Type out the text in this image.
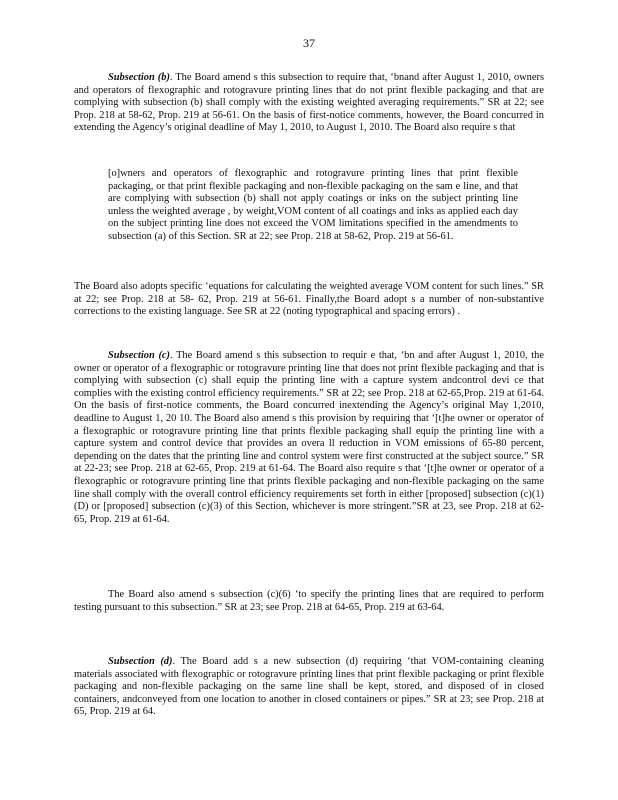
37

Subsection (b). The Board amend s this subsection to require that, ‘bnand after August 1, 2010, owners and operators of flexographic and rotogravure printing lines that do not print flexible packaging and that are complying with subsection (b) shall comply with the existing weighted averaging requirements.” SR at 22; see Prop. 218 at 58-62, Prop. 219 at 56-61. On the basis of first-notice comments, however, the Board concurred in extending the Agency’s original deadline of May 1, 2010, to August 1, 2010. The Board also require s that

[o]wners and operators of flexographic and rotogravure printing lines that print flexible packaging, or that print flexible packaging and non-flexible packaging on the sam e line, and that are complying with subsection (b) shall not apply coatings or inks on the subject printing line unless the weighted average , by weight,VOM content of all coatings and inks as applied each day on the subject printing line does not exceed the VOM limitations specified in the amendments to subsection (a) of this Section. SR at 22; see Prop. 218 at 58-62, Prop. 219 at 56-61.

The Board also adopts specific ‘equations for calculating the weighted average VOM content for such lines.” SR at 22; see Prop. 218 at 58- 62, Prop. 219 at 56-61. Finally,the Board adopt s a number of non-substantive corrections to the existing language. See SR at 22 (noting typographical and spacing errors) .

Subsection (c). The Board amend s this subsection to requir e that, ‘bn and after August 1, 2010, the owner or operator of a flexographic or rotogravure printing line that does not print flexible packaging and that is complying with subsection (c) shall equip the printing line with a capture system andcontrol devi ce that complies with the existing control efficiency requirements.” SR at 22; see Prop. 218 at 62-65,Prop. 219 at 61-64. On the basis of first-notice comments, the Board concurred inextending the Agency’s original May 1,2010, deadline to August 1, 20 10. The Board also amend s this provision by requiring that ‘[t]he owner or operator of a flexographic or rotogravure printing line that prints flexible packaging shall equip the printing line with a capture system and control device that provides an overa ll reduction in VOM emissions of 65-80 percent, depending on the dates that the printing line and control system were first constructed at the subject source.” SR at 22-23; see Prop. 218 at 62-65, Prop. 219 at 61-64. The Board also require s that ‘[t]he owner or operator of a flexographic or rotogravure printing line that prints flexible packaging and non-flexible packaging on the same line shall comply with the overall control efficiency requirements set forth in either [proposed] subsection (c)(1)(D) or [proposed] subsection (c)(3) of this Section, whichever is more stringent.”SR at 23, see Prop. 218 at 62-65, Prop. 219 at 61-64.

The Board also amend s subsection (c)(6) ‘to specify the printing lines that are required to perform testing pursuant to this subsection.” SR at 23; see Prop. 218 at 64-65, Prop. 219 at 63-64.

Subsection (d). The Board add s a new subsection (d) requiring ‘that VOM-containing cleaning materials associated with flexographic or rotogravure printing lines that print flexible packaging or print flexible packaging and non-flexible packaging on the same line shall be kept, stored, and disposed of in closed containers, andconveyed from one location to another in closed containers or pipes.” SR at 23; see Prop. 218 at 65, Prop. 219 at 64.
